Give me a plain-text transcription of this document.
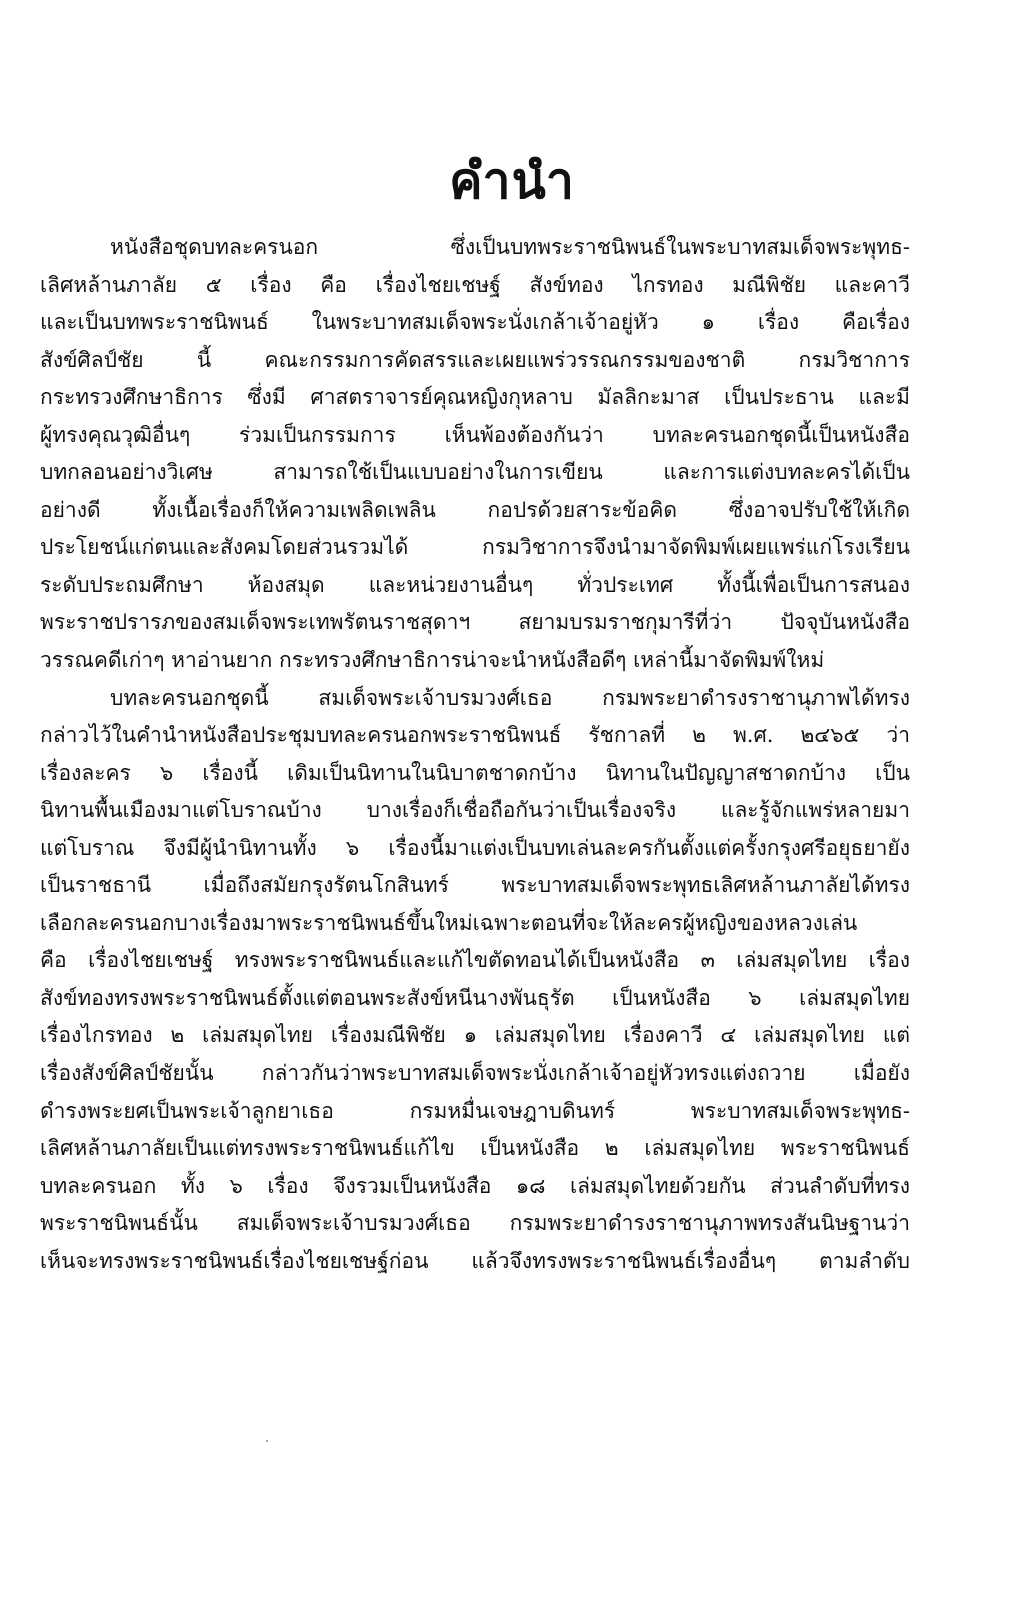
คำนำ
หนังสือชุดบทละครนอก ซึ่งเป็นบทพระราชนิพนธ์ในพระบาทสมเด็จพระพุทธ-
เลิศหล้านภาลัย ๕ เรื่อง คือ เรื่องไชยเชษฐ์ สังข์ทอง ไกรทอง มณีพิชัย และคาวี
และเป็นบทพระราชนิพนธ์ ในพระบาทสมเด็จพระนั่งเกล้าเจ้าอยู่หัว ๑ เรื่อง คือเรื่อง
สังข์ศิลป์ชัย นี้ คณะกรรมการคัดสรรและเผยแพร่วรรณกรรมของชาติ กรมวิชาการ
กระทรวงศึกษาธิการ ซึ่งมี ศาสตราจารย์คุณหญิงกุหลาบ มัลลิกะมาส เป็นประธาน และมี
ผู้ทรงคุณวุฒิอื่นๆ ร่วมเป็นกรรมการ เห็นพ้องต้องกันว่า บทละครนอกชุดนี้เป็นหนังสือ
บทกลอนอย่างวิเศษ สามารถใช้เป็นแบบอย่างในการเขียน และการแต่งบทละครได้เป็น
อย่างดี ทั้งเนื้อเรื่องก็ให้ความเพลิดเพลิน กอปรด้วยสาระข้อคิด ซึ่งอาจปรับใช้ให้เกิด
ประโยชน์แก่ตนและสังคมโดยส่วนรวมได้ กรมวิชาการจึงนำมาจัดพิมพ์เผยแพร่แก่โรงเรียน
ระดับประถมศึกษา ห้องสมุด และหน่วยงานอื่นๆ ทั่วประเทศ ทั้งนี้เพื่อเป็นการสนอง
พระราชปรารภของสมเด็จพระเทพรัตนราชสุดาฯ สยามบรมราชกุมารีที่ว่า ปัจจุบันหนังสือ
วรรณคดีเก่าๆ หาอ่านยาก กระทรวงศึกษาธิการน่าจะนำหนังสือดีๆ เหล่านี้มาจัดพิมพ์ใหม่
บทละครนอกชุดนี้ สมเด็จพระเจ้าบรมวงศ์เธอ กรมพระยาดำรงราชานุภาพได้ทรง
กล่าวไว้ในคำนำหนังสือประชุมบทละครนอกพระราชนิพนธ์ รัชกาลที่ ๒ พ.ศ. ๒๔๖๕ ว่า
เรื่องละคร ๖ เรื่องนี้ เดิมเป็นนิทานในนิบาตชาดกบ้าง นิทานในปัญญาสชาดกบ้าง เป็น
นิทานพื้นเมืองมาแต่โบราณบ้าง บางเรื่องก็เชื่อถือกันว่าเป็นเรื่องจริง และรู้จักแพร่หลายมา
แต่โบราณ จึงมีผู้นำนิทานทั้ง ๖ เรื่องนี้มาแต่งเป็นบทเล่นละครกันตั้งแต่ครั้งกรุงศรีอยุธยายัง
เป็นราชธานี เมื่อถึงสมัยกรุงรัตนโกสินทร์ พระบาทสมเด็จพระพุทธเลิศหล้านภาลัยได้ทรง
เลือกละครนอกบางเรื่องมาพระราชนิพนธ์ขึ้นใหม่เฉพาะตอนที่จะให้ละครผู้หญิงของหลวงเล่น
คือ เรื่องไชยเชษฐ์ ทรงพระราชนิพนธ์และแก้ไขตัดทอนได้เป็นหนังสือ ๓ เล่มสมุดไทย เรื่อง
สังข์ทองทรงพระราชนิพนธ์ตั้งแต่ตอนพระสังข์หนีนางพันธุรัต เป็นหนังสือ ๖ เล่มสมุดไทย
เรื่องไกรทอง ๒ เล่มสมุดไทย เรื่องมณีพิชัย ๑ เล่มสมุดไทย เรื่องคาวี ๔ เล่มสมุดไทย แต่
เรื่องสังข์ศิลป์ชัยนั้น กล่าวกันว่าพระบาทสมเด็จพระนั่งเกล้าเจ้าอยู่หัวทรงแต่งถวาย เมื่อยัง
ดำรงพระยศเป็นพระเจ้าลูกยาเธอ กรมหมื่นเจษฎาบดินทร์ พระบาทสมเด็จพระพุทธ-
เลิศหล้านภาลัยเป็นแต่ทรงพระราชนิพนธ์แก้ไข เป็นหนังสือ ๒ เล่มสมุดไทย พระราชนิพนธ์
บทละครนอก ทั้ง ๖ เรื่อง จึงรวมเป็นหนังสือ ๑๘ เล่มสมุดไทยด้วยกัน ส่วนลำดับที่ทรง
พระราชนิพนธ์นั้น สมเด็จพระเจ้าบรมวงศ์เธอ กรมพระยาดำรงราชานุภาพทรงสันนิษฐานว่า
เห็นจะทรงพระราชนิพนธ์เรื่องไชยเชษฐ์ก่อน แล้วจึงทรงพระราชนิพนธ์เรื่องอื่นๆ ตามลำดับ
